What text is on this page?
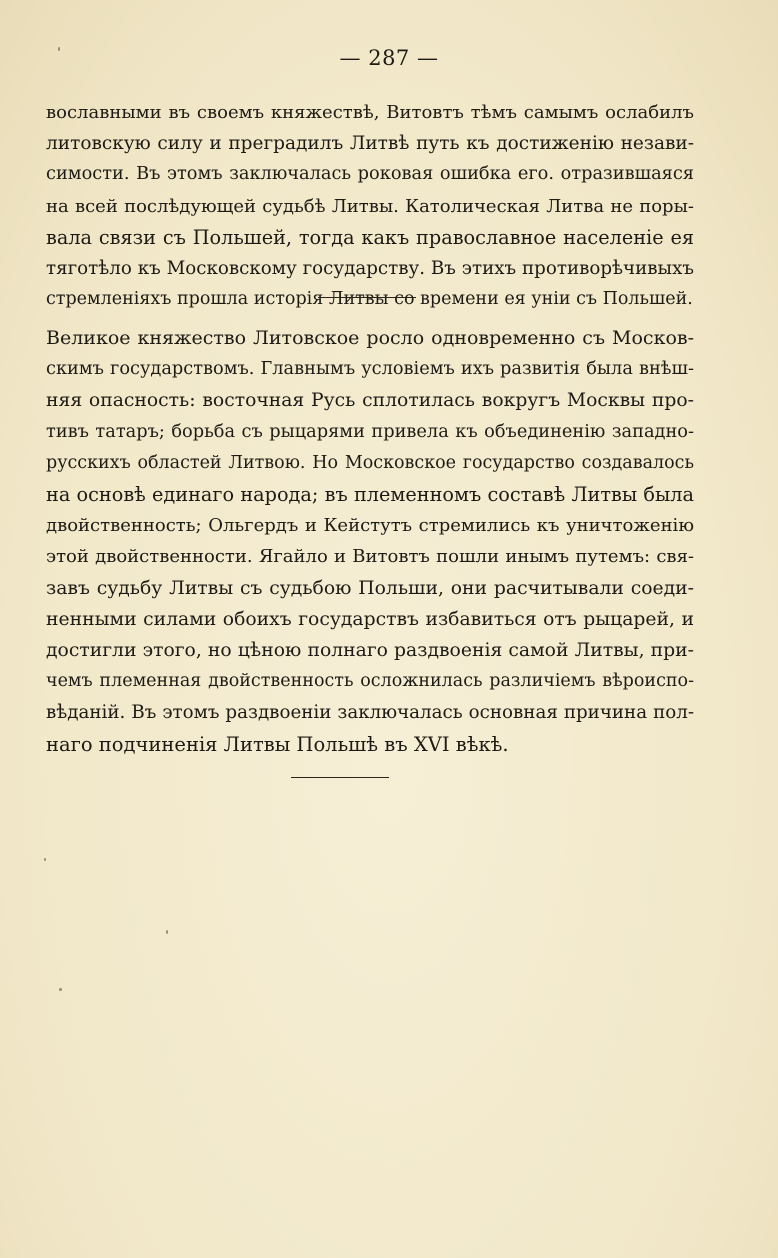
— 287 —
вославными въ своемъ княжествѣ, Витовтъ тѣмъ самымъ ослабилъ
литовскую силу и преградилъ Литвѣ путь къ достиженію незави-
симости. Въ этомъ заключалась роковая ошибка его. отразившаяся
на всей послѣдующей судьбѣ Литвы. Католическая Литва не поры-
вала связи съ Польшей, тогда какъ православное населеніе ея
тяготѣло къ Московскому государству. Въ этихъ противорѣчивыхъ
стремленіяхъ прошла исторія Литвы со времени ея уніи съ Польшей.
Великое княжество Литовское росло одновременно съ Москов-
скимъ государствомъ. Главнымъ условіемъ ихъ развитія была внѣш-
няя опасность: восточная Русь сплотилась вокругъ Москвы про-
тивъ татаръ; борьба съ рыцарями привела къ объединенію западно-
русскихъ областей Литвою. Но Московское государство создавалось
на основѣ единаго народа; въ племенномъ составѣ Литвы была
двойственность; Ольгердъ и Кейстутъ стремились къ уничтоженію
этой двойственности. Ягайло и Витовтъ пошли инымъ путемъ: свя-
завъ судьбу Литвы съ судьбою Польши, они расчитывали соеди-
ненными силами обоихъ государствъ избавиться отъ рыцарей, и
достигли этого, но цѣною полнаго раздвоенія самой Литвы, при-
чемъ племенная двойственность осложнилась различіемъ вѣроиспо-
вѣданій. Въ этомъ раздвоеніи заключалась основная причина пол-
наго подчиненія Литвы Польшѣ въ XVI вѣкѣ.
